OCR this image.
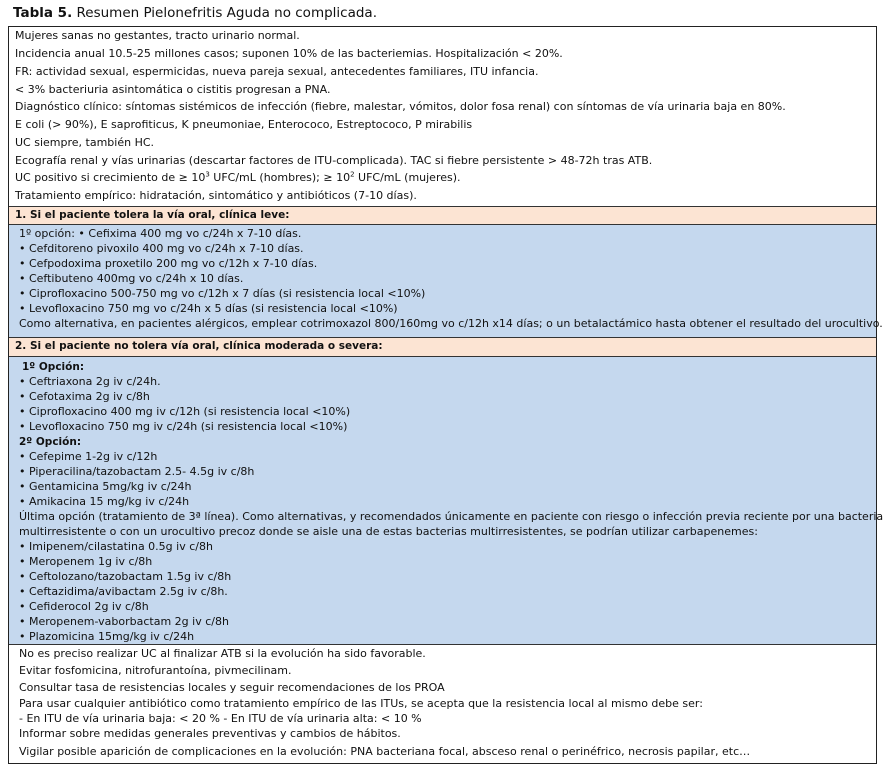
Tabla 5. Resumen Pielonefritis Aguda no complicada.
Mujeres sanas no gestantes, tracto urinario normal.
Incidencia anual 10.5-25 millones casos; suponen 10% de las bacteriemias. Hospitalización < 20%.
FR: actividad sexual, espermicidas, nueva pareja sexual, antecedentes familiares, ITU infancia.
< 3% bacteriuria asintomática o cistitis progresan a PNA.
Diagnóstico clínico: síntomas sistémicos de infección (fiebre, malestar, vómitos, dolor fosa renal) con síntomas de vía urinaria baja en 80%.
E coli (> 90%), E saprofiticus, K pneumoniae, Enterococo, Estreptococo, P mirabilis
UC siempre, también HC.
Ecografía renal y vías urinarias (descartar factores de ITU-complicada). TAC si fiebre persistente > 48-72h tras ATB.
UC positivo si crecimiento de ≥ $10^3$ UFC/mL (hombres); ≥ $10^2$ UFC/mL (mujeres).
Tratamiento empírico: hidratación, sintomático y antibióticos (7-10 días).
1. Si el paciente tolera la vía oral, clínica leve:
1º opción: • Cefixima 400 mg vo c/24h x 7-10 días.
• Cefditoreno pivoxilo 400 mg vo c/24h x 7-10 días.
• Cefpodoxima proxetilo 200 mg vo c/12h x 7-10 días.
• Ceftibuteno 400mg vo c/24h x 10 días.
• Ciprofloxacino 500-750 mg vo c/12h x 7 días (si resistencia local <10%)
• Levofloxacino 750 mg vo c/24h x 5 días (si resistencia local <10%)
Como alternativa, en pacientes alérgicos, emplear cotrimoxazol 800/160mg vo c/12h x14 días; o un betalactámico hasta obtener el resultado del urocultivo.
2. Si el paciente no tolera vía oral, clínica moderada o severa:
1º Opción:
• Ceftriaxona 2g iv c/24h.
• Cefotaxima 2g iv c/8h
• Ciprofloxacino 400 mg iv c/12h (si resistencia local <10%)
• Levofloxacino 750 mg iv c/24h (si resistencia local <10%)
2º Opción:
• Cefepime 1-2g iv c/12h
• Piperacilina/tazobactam 2.5- 4.5g iv c/8h
• Gentamicina 5mg/kg iv c/24h
• Amikacina 15 mg/kg iv c/24h
Última opción (tratamiento de 3ª línea). Como alternativas, y recomendados únicamente en paciente con riesgo o infección previa reciente por una bacteria
multirresistente o con un urocultivo precoz donde se aisle una de estas bacterias multirresistentes, se podrían utilizar carbapenemes:
• Imipenem/cilastatina 0.5g iv c/8h
• Meropenem 1g iv c/8h
• Ceftolozano/tazobactam 1.5g iv c/8h
• Ceftazidima/avibactam 2.5g iv c/8h.
• Cefiderocol 2g iv c/8h
• Meropenem-vaborbactam 2g iv c/8h
• Plazomicina 15mg/kg iv c/24h
No es preciso realizar UC al finalizar ATB si la evolución ha sido favorable.
Evitar fosfomicina, nitrofurantoína, pivmecilinam.
Consultar tasa de resistencias locales y seguir recomendaciones de los PROA
Para usar cualquier antibiótico como tratamiento empírico de las ITUs, se acepta que la resistencia local al mismo debe ser:
- En ITU de vía urinaria baja: < 20 % - En ITU de vía urinaria alta: < 10 %
Informar sobre medidas generales preventivas y cambios de hábitos.
Vigilar posible aparición de complicaciones en la evolución: PNA bacteriana focal, absceso renal o perinéfrico, necrosis papilar, etc…
